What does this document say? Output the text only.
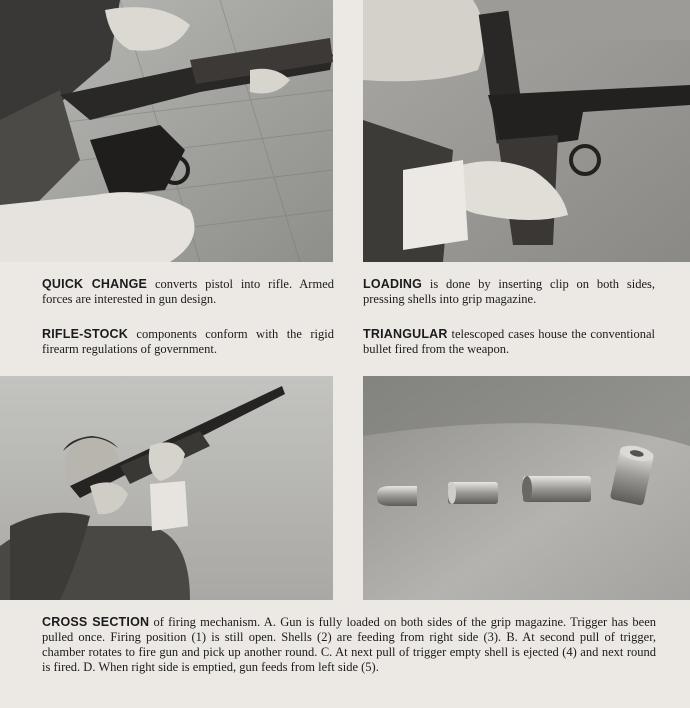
QUICK CHANGE converts pistol into rifle. Armed forces are interested in gun design.

LOADING is done by inserting clip on both sides, pressing shells into grip magazine.

RIFLE-STOCK components conform with the rigid firearm regulations of government.

TRIANGULAR telescoped cases house the conventional bullet fired from the weapon.

CROSS SECTION of firing mechanism. A. Gun is fully loaded on both sides of the grip magazine. Trigger has been pulled once. Firing position (1) is still open. Shells (2) are feeding from right side (3). B. At second pull of trigger, chamber rotates to fire gun and pick up another round. C. At next pull of trigger empty shell is ejected (4) and next round is fired. D. When right side is emptied, gun feeds from left side (5).
